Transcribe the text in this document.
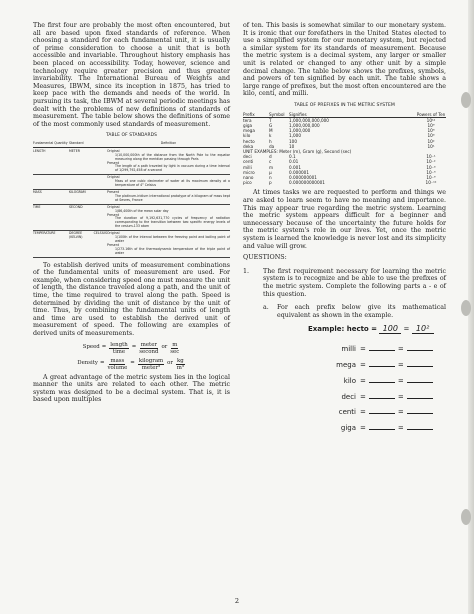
The first four are probably the most often encountered, but all are based upon fixed standards of reference. When choosing a standard for each fundamental unit, it is usually of prime consideration to choose a unit that is both accessible and invariable. Throughout history emphasis has been placed on accessibility. Today, however, science and technology require greater precision and thus greater invariability. The International Bureau of Weights and Measures, IBWM, since its inception in 1875, has tried to keep pace with the demands and needs of the world. In pursuing its task, the IBWM at several periodic meetings has dealt with the problems of new definitions of standards of measurement. The table below shows the definitions of some of the most commonly used standards of measurement.

TABLE OF STANDARDS
Fundamental Quantity Standard	Definition
LENGTH	METER	Original
1/10,000,000th of the distance from the North Pole to the equator measuring along the meridian passing through Paris
Present
The length of a path traveled by light in vacuum during a time interval of 1/299,792,458 of a second
Original
Mass of one cubic decimeter of water at its maximum density at a temperature of 4° Celsius
MASS	KILOGRAM	Present
The platinum-iridium international prototype of a kilogram of mass kept at Sevres, France
TIME	SECOND	Original
1/86,400th of the mean solar day
Present
The duration of 9,192,631,770 cycles of frequency of radiation corresponding to the transition between two specific energy levels of the cesium-133 atom
TEMPERATURE	DEGREE CELSIUS (KELVIN)
Original
1/100th of the interval between the freezing point and boiling point of water
Present
1/273.16th of the thermodynamic temperature of the triple point of water

To establish derived units of measurement combinations of the fundamental units of measurement are used. For example, when considering speed one must measure the unit of length, the distance traveled along a path, and the unit of time, the time required to travel along the path. Speed is determined by dividing the unit of distance by the unit of time. Thus, by combining the fundamental units of length and time are used to establish the derived unit of measurement of speed. The following are examples of derived units of measurements.

Speed = $\frac{\text{length}}{\text{time}} = \frac{\text{meter}}{\text{second}}$ or $\frac{m}{\sec}$
Density = $\frac{\text{mass}}{\text{volume}} = \frac{\text{kilogram}}{\text{meter³}}$ or $\frac{kg}{\text{m³}}$

A great advantage of the metric system lies in the logical manner the units are related to each other. The metric system was designed to be a decimal system. That is, it is based upon multiples

of ten. This basis is somewhat similar to our monetary system. It is ironic that our forefathers in the United States elected to use a simplified system for our monetary system, but rejected a similar system for its standards of measurement. Because the metric system is a decimal system, any larger or smaller unit is related or changed to any other unit by a simple decimal change. The table below shows the prefixes, symbols, and powers of ten signified by each unit. The table shows a large range of prefixes, but the most often encountered are the kilo, centi, and milli.

TABLE OF PREFIXES IN THE METRIC SYSTEM
Prefix	Symbol	Signifies	Powers of Ten
tera	T	1,000,000,000,000	10¹²
giga	G	1,000,000,000	10⁹
mega	M	1,000,000	10⁶
kilo	k	1,000	10³
hecto	h	100	10²
deka	da	10	10¹

UNIT EXAMPLES: Meter (m), Gram (g), Second (sec)

deci	d	0.1	10⁻¹
centi	c	0.01	10⁻²
milli	m	0.001	10⁻³
micro	μ	0.000001	10⁻⁶
nano	n	0.000000001	10⁻⁹
pico	p	0.000000000001	10⁻¹²

At times tasks we are requested to perform and things we are asked to learn seem to have no meaning and importance. This may appear true regarding the metric system. Learning the metric system appears difficult for a beginner and unnecessary because of the uncertainty the future holds for the metric system's role in our lives. Yet, once the metric system is learned the knowledge is never lost and its simplicity and value will grow.

QUESTIONS:

1.	The first requirement necessary for learning the metric system is to recognize and be able to use the prefixes of the metric system. Complete the following parts a - e of this question.
a.	For each prefix below give its mathematical equivalent as shown in the example.
Example: hecto = 100 = 10²
milli =	=
mega =	=
kilo =	=
deci =	=
centi =	=
giga =	=
2
